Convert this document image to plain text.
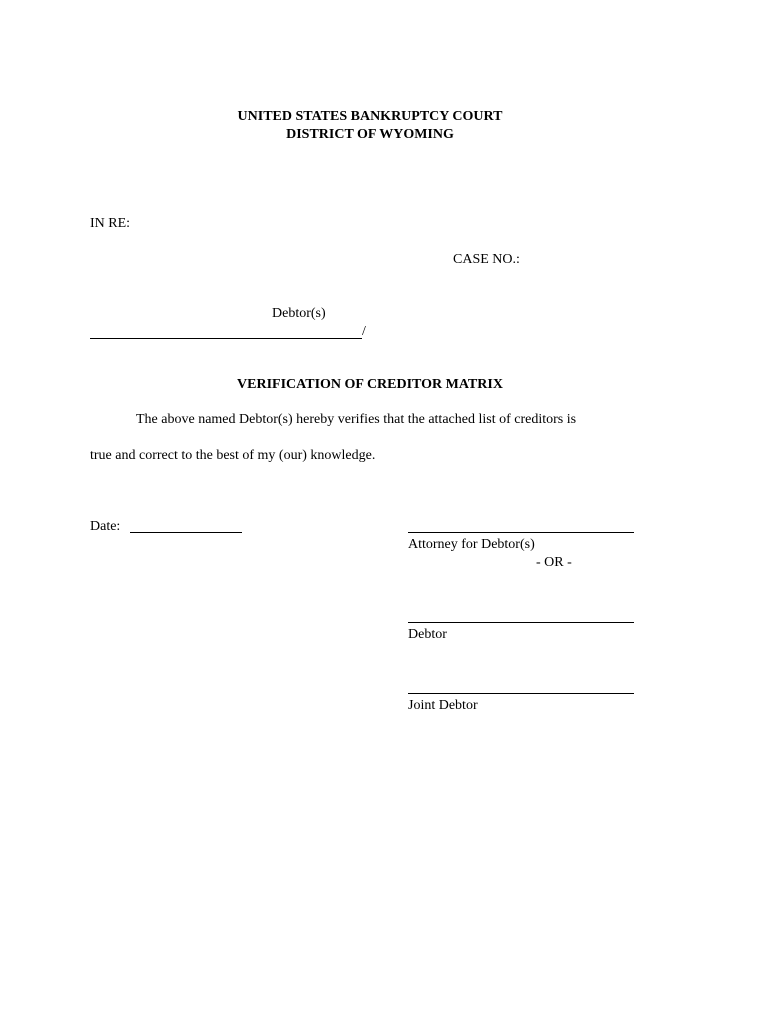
UNITED STATES BANKRUPTCY COURT
DISTRICT OF WYOMING
IN RE:
CASE NO.:
Debtor(s)
/
VERIFICATION OF CREDITOR MATRIX
The above named Debtor(s) hereby verifies that the attached list of creditors is
true and correct to the best of my (our) knowledge.
Date:
Attorney for Debtor(s)
- OR -
Debtor
Joint Debtor
